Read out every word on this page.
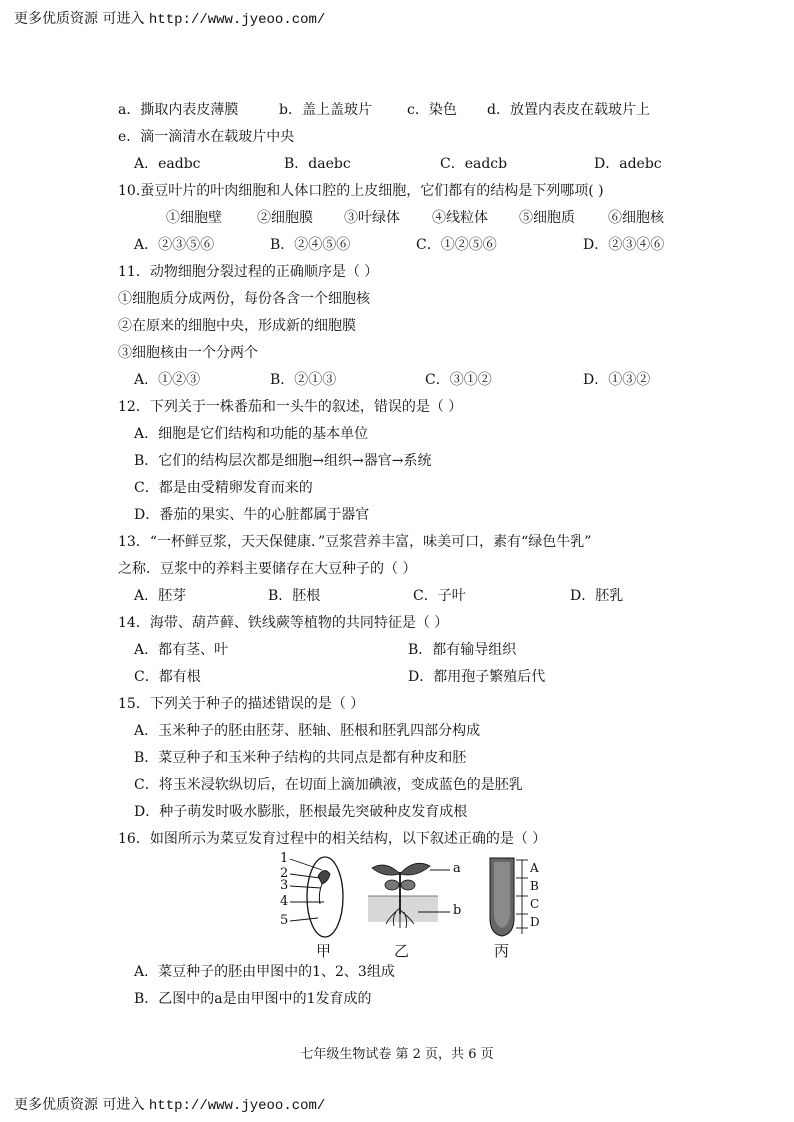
更多优质资源 可进入 http://www.jyeoo.com/
a．撕取内表皮薄膜	b．盖上盖玻片	c．染色 d．放置内表皮在载玻片上
e．滴一滴清水在载玻片中央
A．eadbc	B．daebc	C．eadcb	D．adebc
10.蚕豆叶片的叶肉细胞和人体口腔的上皮细胞，它们都有的结构是下列哪项( )
①细胞壁	②细胞膜 ③叶绿体 ④线粒体 ⑤细胞质 ⑥细胞核
A．②③⑤⑥	B．②④⑤⑥	C．①②⑤⑥	D．②③④⑥
11．动物细胞分裂过程的正确顺序是（ ）
①细胞质分成两份，每份各含一个细胞核
②在原来的细胞中央，形成新的细胞膜
③细胞核由一个分两个
A．①②③	B．②①③	C．③①②	D．①③②
12．下列关于一株番茄和一头牛的叙述，错误的是（ ）
A．细胞是它们结构和功能的基本单位
B．它们的结构层次都是细胞→组织→器官→系统
C．都是由受精卵发育而来的
D．番茄的果实、牛的心脏都属于器官
13．“一杯鲜豆浆，天天保健康．”豆浆营养丰富，味美可口，素有“绿色牛乳”
之称．豆浆中的养料主要储存在大豆种子的（ ）
A．胚芽	B．胚根	C．子叶	D．胚乳
14．海带、葫芦藓、铁线蕨等植物的共同特征是（ ）
A．都有茎、叶	B．都有输导组织
C．都有根	D．都用孢子繁殖后代
15．下列关于种子的描述错误的是（ ）
A．玉米种子的胚由胚芽、胚轴、胚根和胚乳四部分构成
B．菜豆种子和玉米种子结构的共同点是都有种皮和胚
C．将玉米浸软纵切后，在切面上滴加碘液，变成蓝色的是胚乳
D．种子萌发时吸水膨胀，胚根最先突破种皮发育成根
16．如图所示为菜豆发育过程中的相关结构，以下叙述正确的是（ ）
1
2
3
4
5
a
b
A
B
C
D
甲	乙	丙
A．菜豆种子的胚由甲图中的1、2、3组成
B．乙图中的a是由甲图中的1发育成的
七年级生物试卷 第 2 页，共 6 页
更多优质资源 可进入 http://www.jyeoo.com/
